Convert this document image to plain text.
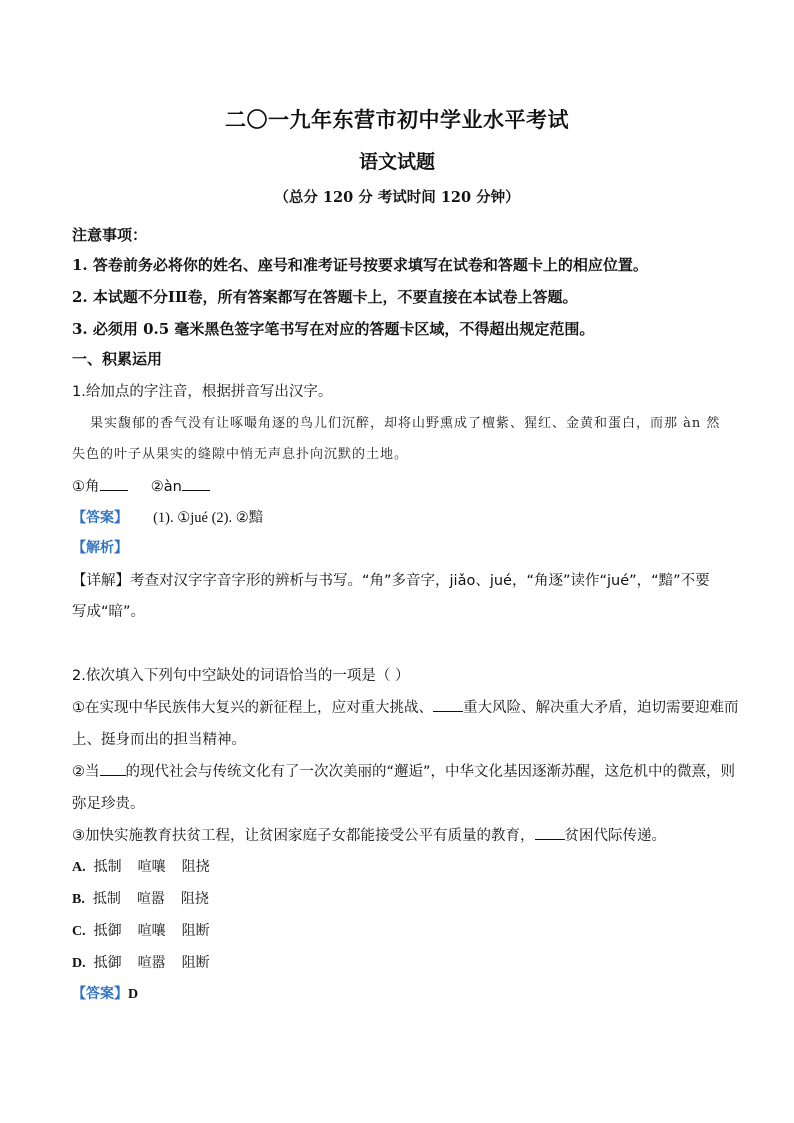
二〇一九年东营市初中学业水平考试
语文试题
（总分 120 分 考试时间 120 分钟）
注意事项：
1. 答卷前务必将你的姓名、座号和准考证号按要求填写在试卷和答题卡上的相应位置。
2. 本试题不分ⅠⅡ卷，所有答案都写在答题卡上，不要直接在本试卷上答题。
3. 必须用 0.5 毫米黑色签字笔书写在对应的答题卡区域，不得超出规定范围。
一、积累运用
1.给加点的字注音，根据拼音写出汉字。
果实馥郁的香气没有让啄嘬角逐的鸟儿们沉醉，却将山野熏成了檀紫、猩红、金黄和蛋白，而那 àn 然
失色的叶子从果实的缝隙中悄无声息扑向沉默的土地。
①角	②àn
【答案】 (1). ①jué (2). ②黯
【解析】
【详解】考查对汉字字音字形的辨析与书写。“角”多音字，jiǎo、jué，“角逐”读作“jué”，“黯”不要
写成“暗”。
2.依次填入下列句中空缺处的词语恰当的一项是（ ）
①在实现中华民族伟大复兴的新征程上，应对重大挑战、 重大风险、解决重大矛盾，迫切需要迎难而
上、挺身而出的担当精神。
②当 的现代社会与传统文化有了一次次美丽的“邂逅”，中华文化基因逐渐苏醒，这危机中的微熹，则
弥足珍贵。
③加快实施教育扶贫工程，让贫困家庭子女都能接受公平有质量的教育， 贫困代际传递。
A. 抵制 喧嚷 阻挠
B. 抵制 喧嚣 阻挠
C. 抵御 喧嚷 阻断
D. 抵御 喧嚣 阻断
【答案】D
